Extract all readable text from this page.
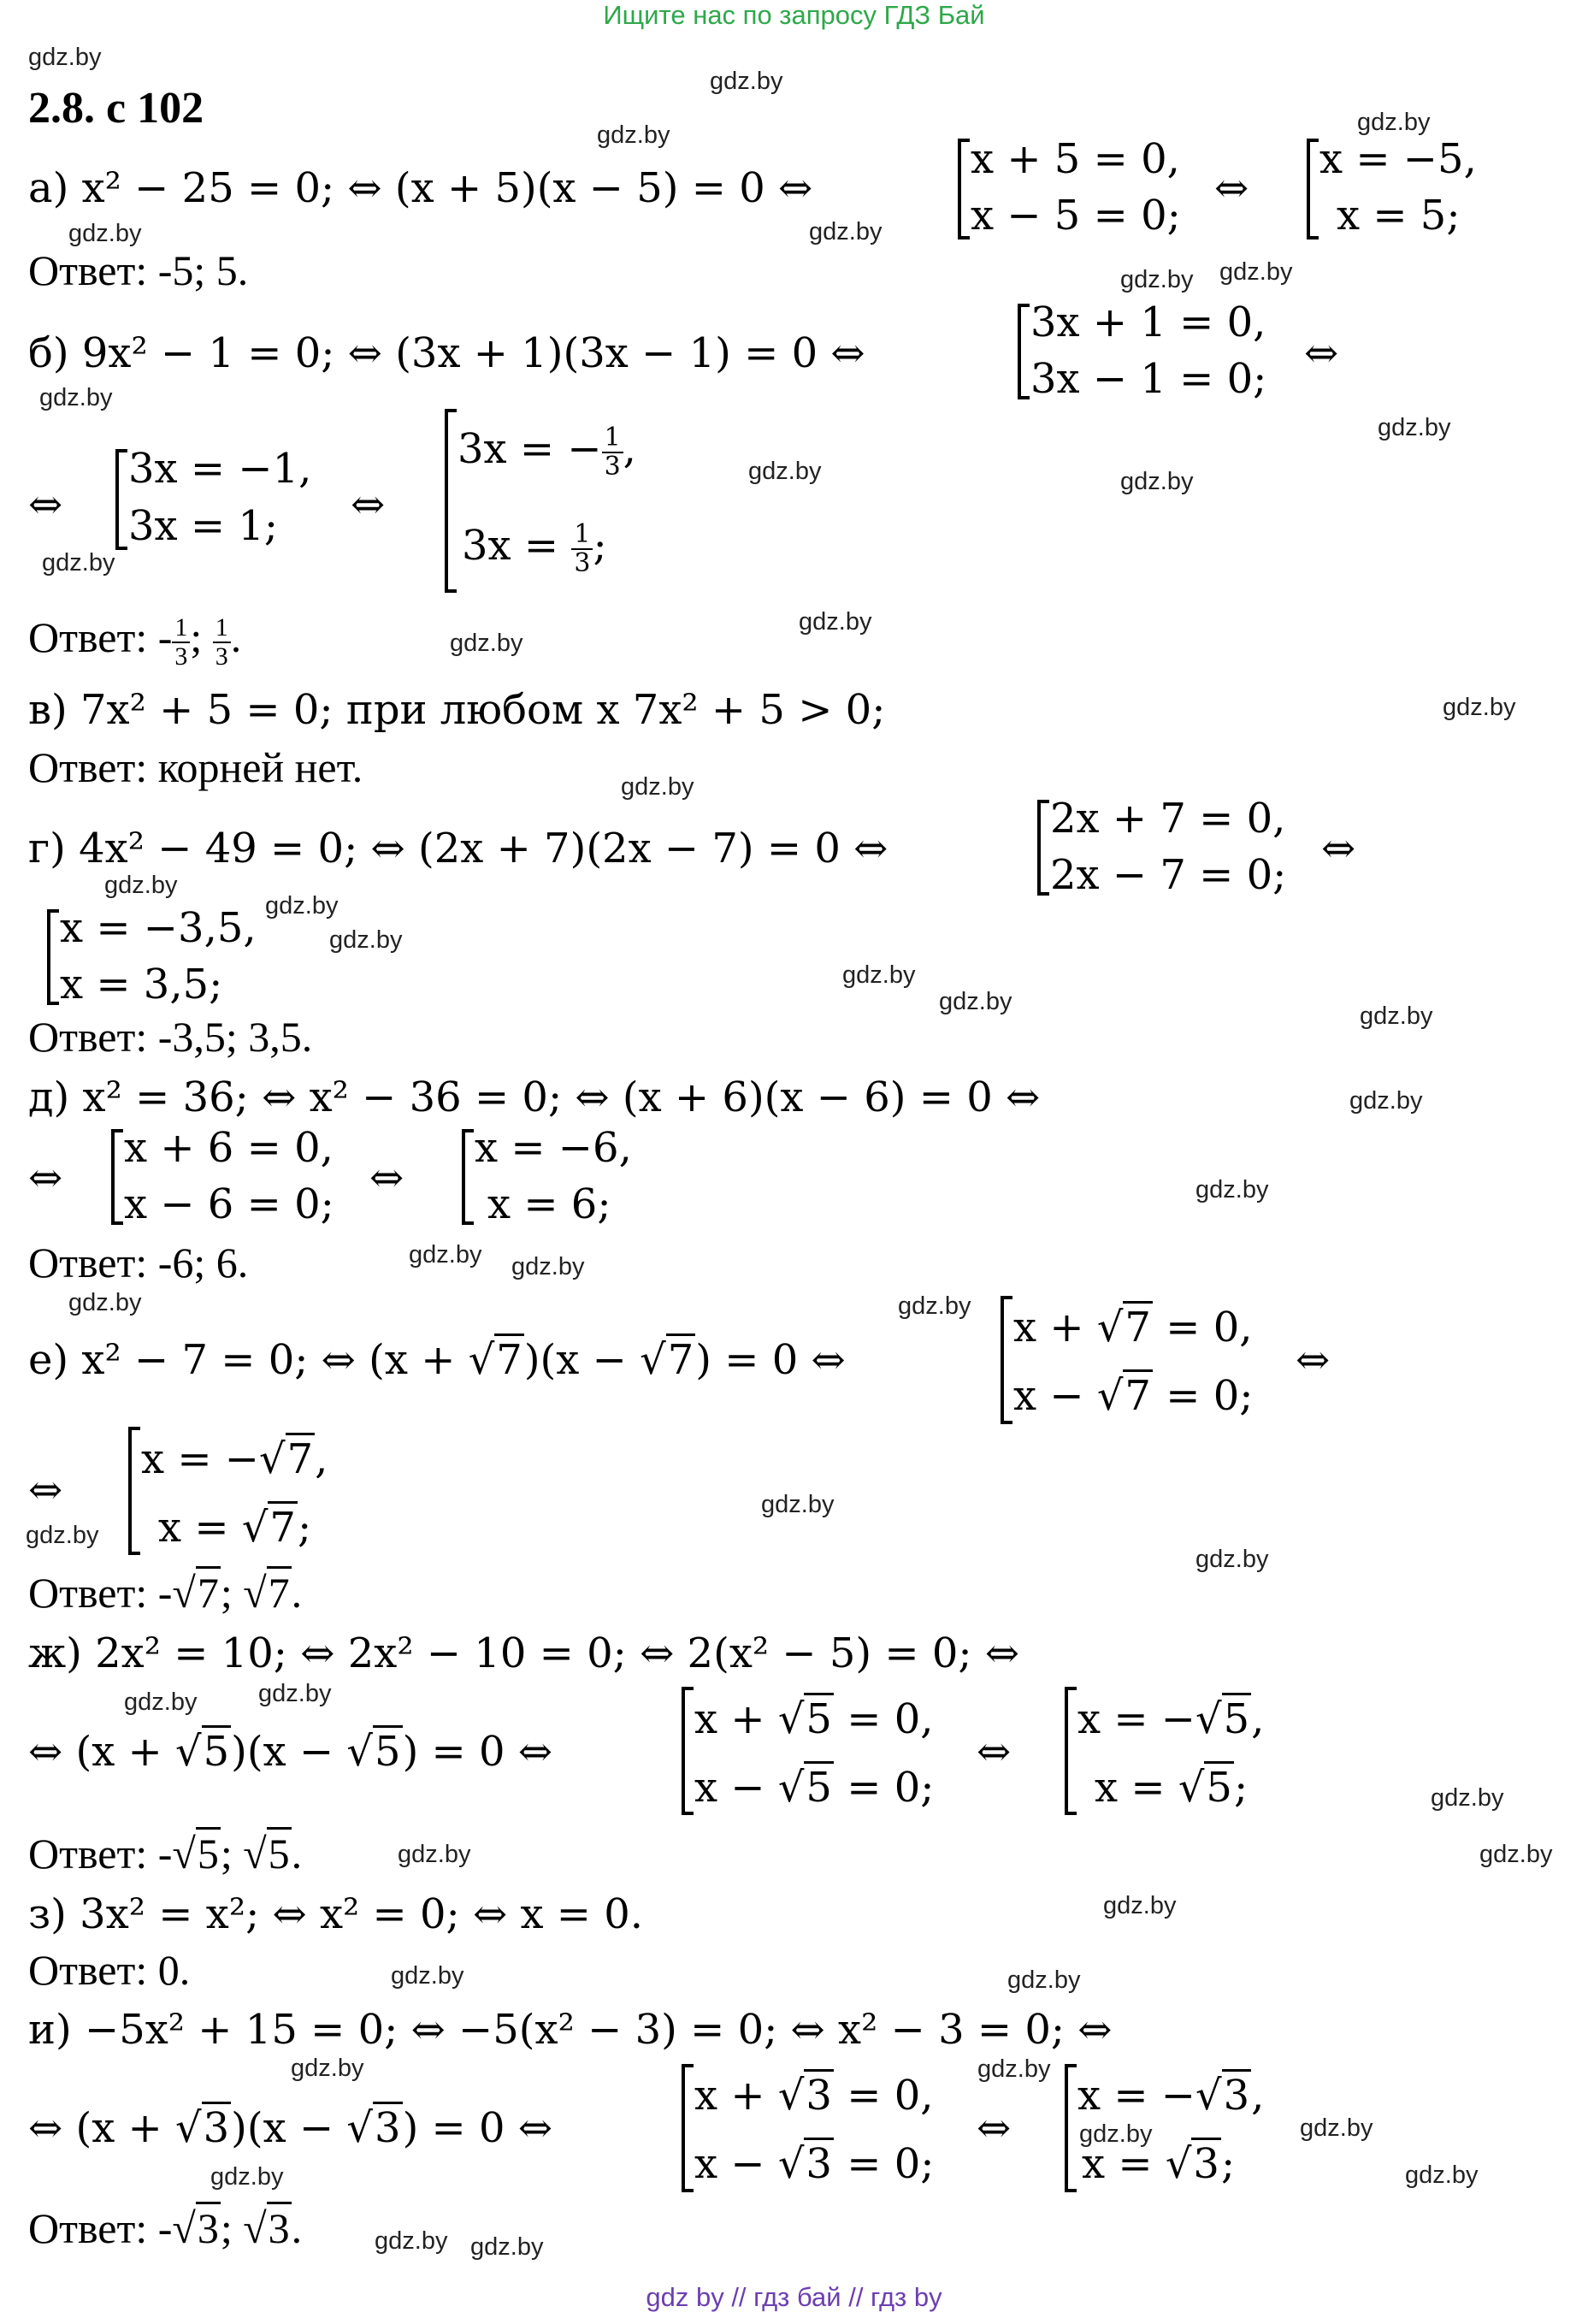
Ищите нас по запросу ГДЗ Бай
gdz.by
gdz.by
gdz.by	gdz.by
gdz.by	gdz.by
gdz.by gdz.by
gdz.by
gdz.by
gdz.by	gdz.by
gdz.by
gdz.by
gdz.by
gdz.by
gdz.by
gdz.by
gdz.by
gdz.by
gdz.by
gdz.by
gdz.by
gdz.by
gdz.by
gdz.by gdz.by
gdz.by	gdz.by
gdz.by
gdz.by
gdz.by
gdz.by gdz.by
gdz.by
gdz.by	gdz.by
gdz.by
gdz.by	gdz.by
gdz.by	gdz.by
gdz.by	gdz.by
gdz.by	gdz.by
gdz.by gdz.by
2.8. с 102
а) x² − 25 = 0; ⇔ (x + 5)(x − 5) = 0 ⇔
x + 5 = 0,
x − 5 = 0;
⇔
x = −5,
x = 5;
Ответ: -5; 5.
б) 9x² − 1 = 0; ⇔ (3x + 1)(3x − 1) = 0 ⇔
3x + 1 = 0,
3x − 1 = 0;
⇔
⇔
3x = −1,
3x = 1; ⇔
3x = − $\frac{1}{3}$ ,
$3x = \frac{1}{3}$ ;
Ответ: - $\frac{1}{3}$ ; $\frac{1}{3}$ .
в) 7x² + 5 = 0; при любом x 7x² + 5 > 0;
Ответ: корней нет.
г) 4x² − 49 = 0; ⇔ (2x + 7)(2x − 7) = 0 ⇔
2x + 7 = 0,
2x − 7 = 0;
⇔
x = −3,5,
x = 3,5;
Ответ: -3,5; 3,5.
д) x² = 36; ⇔ x² − 36 = 0; ⇔ (x + 6)(x − 6) = 0 ⇔
⇔
x + 6 = 0,
x − 6 = 0;
⇔
x = −6,
x = 6;
Ответ: -6; 6.
е) x² − 7 = 0; ⇔ (x + √7)(x − √7) = 0 ⇔
x + √7 = 0,
x − √7 = 0;
⇔
⇔
x = −√7,
x = √7;
Ответ: -√7; √7.
ж) 2x² = 10; ⇔ 2x² − 10 = 0; ⇔ 2(x² − 5) = 0; ⇔
⇔ (x + √5)(x − √5) = 0 ⇔
x + √5 = 0,
x − √5 = 0;
⇔
x = −√5,
x = √5;
Ответ: -√5; √5.
з) 3x² = x²; ⇔ x² = 0; ⇔ x = 0.
Ответ: 0.
и) −5x² + 15 = 0; ⇔ −5(x² − 3) = 0; ⇔ x² − 3 = 0; ⇔
⇔ (x + √3)(x − √3) = 0 ⇔
x + √3 = 0,
x − √3 = 0;
⇔
x = −√3,
x = √3;
Ответ: -√3; √3.
gdz by // гдз бай // гдз by
